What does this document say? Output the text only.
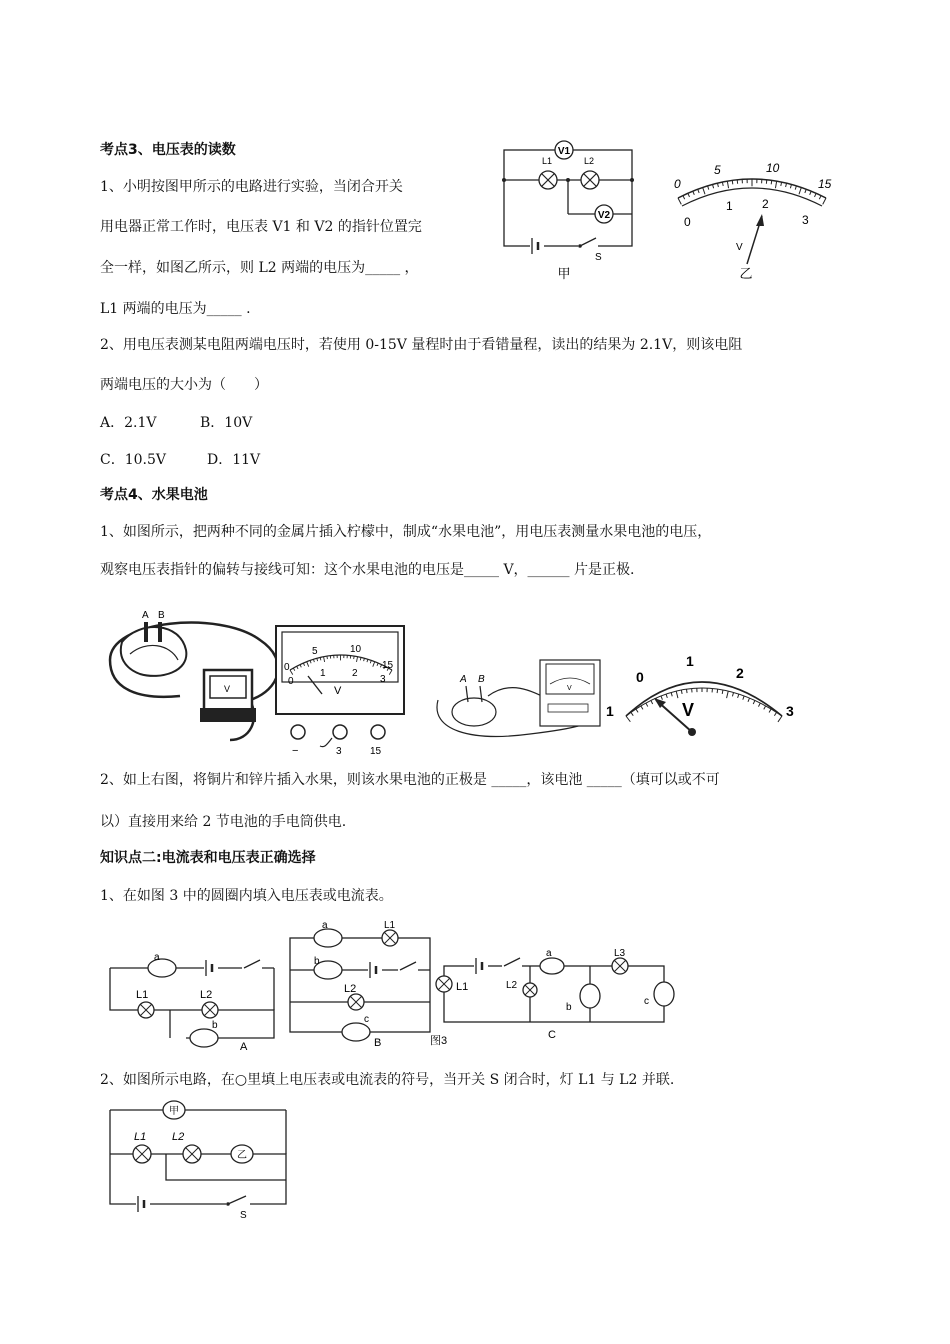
考点3、电压表的读数
1、小明按图甲所示的电路进行实验，当闭合开关
用电器正常工作时，电压表 V1 和 V2 的指针位置完
全一样，如图乙所示，则 L2 两端的电压为_____ ，
L1 两端的电压为_____ .
V1
V2
L1	L2
S
甲
0
5	10
15
0
1 2
3
V
乙
2、用电压表测某电阻两端电压时，若使用 0-15V 量程时由于看错量程，读出的结果为 2.1V，则该电阻
两端电压的大小为（　　）
A．2.1V	B．10V
C．10.5V	D．11V
考点4、水果电池
1、如图所示，把两种不同的金属片插入柠檬中，制成“水果电池”，用电压表测量水果电池的电压，
观察电压表指针的偏转与接线可知：这个水果电池的电压是_____ V，______ 片是正极.
A B
V
0
5	10
15
0
1	2
3
V
−	3	15
A B
V
1
0
1
2
3
V
2、如上右图，将铜片和锌片插入水果，则该水果电池的正极是 _____，该电池 _____（填可以或不可
以）直接用来给 2 节电池的手电筒供电.
知识点二:电流表和电压表正确选择
1、在如图 3 中的圆圈内填入电压表或电流表。
a
L1	L2
b
A
a	L1
b
L2
c
B	图3
L1
a	L3
L2
b
c
C
2、如图所示电路，在○里填上电压表或电流表的符号，当开关 S 闭合时，灯 L1 与 L2 并联.
甲
L1 L2
乙
S
